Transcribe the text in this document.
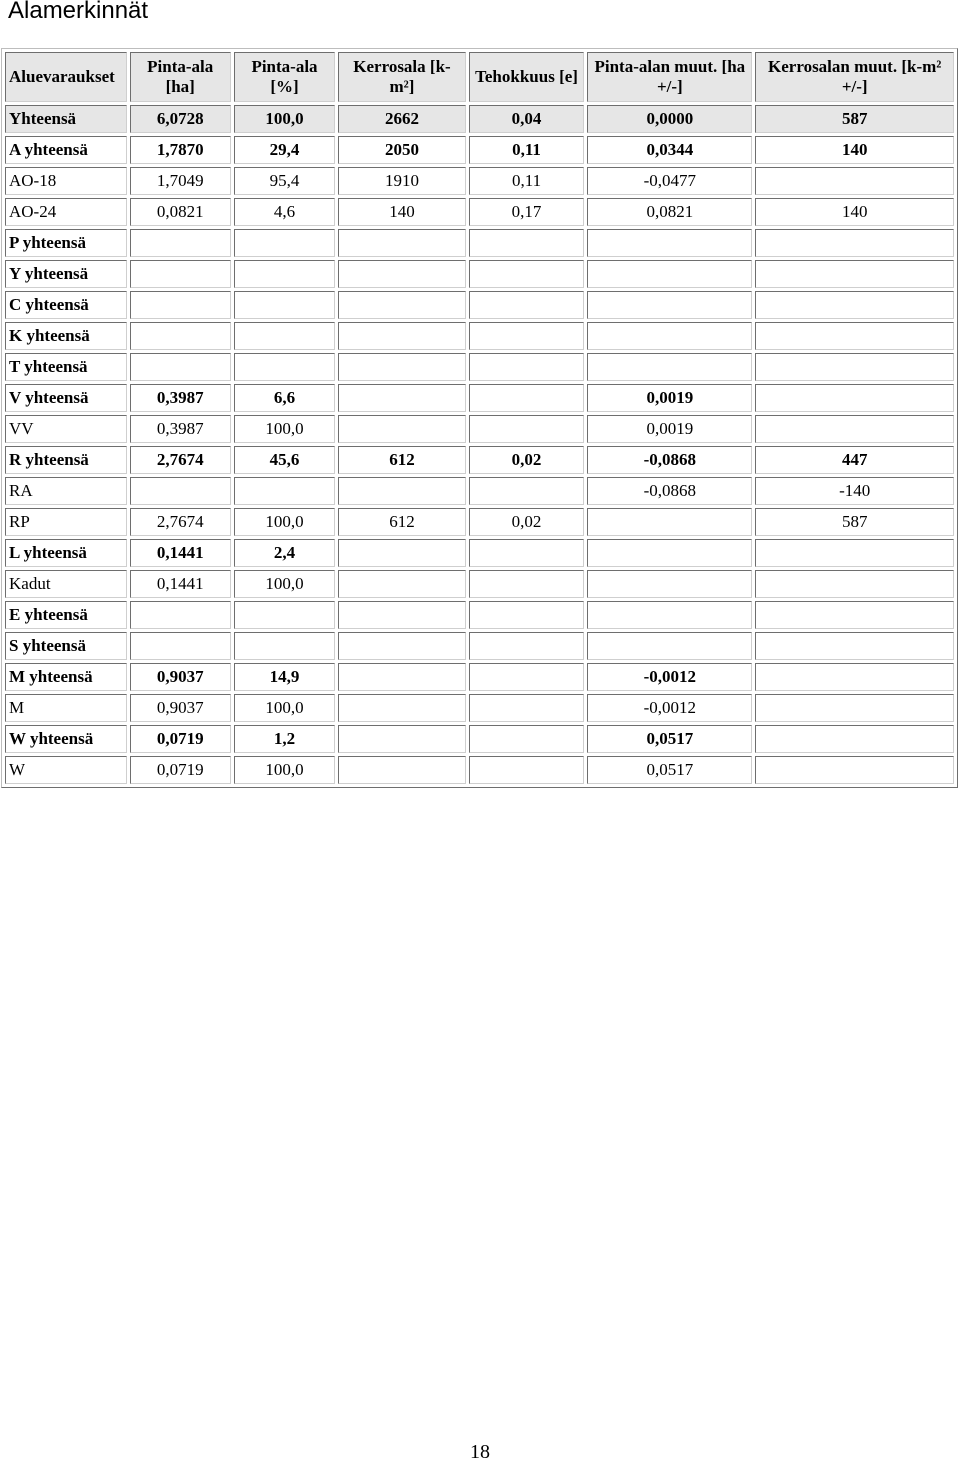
Alamerkinnät
Aluevaraukset	Pinta-ala [ha]	Pinta-ala [%]	Kerrosala [k-m²]	Tehokkuus [e]	Pinta-alan muut. [ha +/-]	Kerrosalan muut. [k-m² +/-]
Yhteensä	6,0728	100,0	2662	0,04	0,0000	587
A yhteensä	1,7870	29,4	2050	0,11	0,0344	140
AO-18	1,7049	95,4	1910	0,11	-0,0477	
AO-24	0,0821	4,6	140	0,17	0,0821	140
P yhteensä						
Y yhteensä						
C yhteensä						
K yhteensä						
T yhteensä						
V yhteensä	0,3987	6,6			0,0019	
VV	0,3987	100,0			0,0019	
R yhteensä	2,7674	45,6	612	0,02	-0,0868	447
RA					-0,0868	-140
RP	2,7674	100,0	612	0,02		587
L yhteensä	0,1441	2,4				
Kadut	0,1441	100,0				
E yhteensä						
S yhteensä						
M yhteensä	0,9037	14,9			-0,0012	
M	0,9037	100,0			-0,0012	
W yhteensä	0,0719	1,2			0,0517	
W	0,0719	100,0			0,0517	
18
